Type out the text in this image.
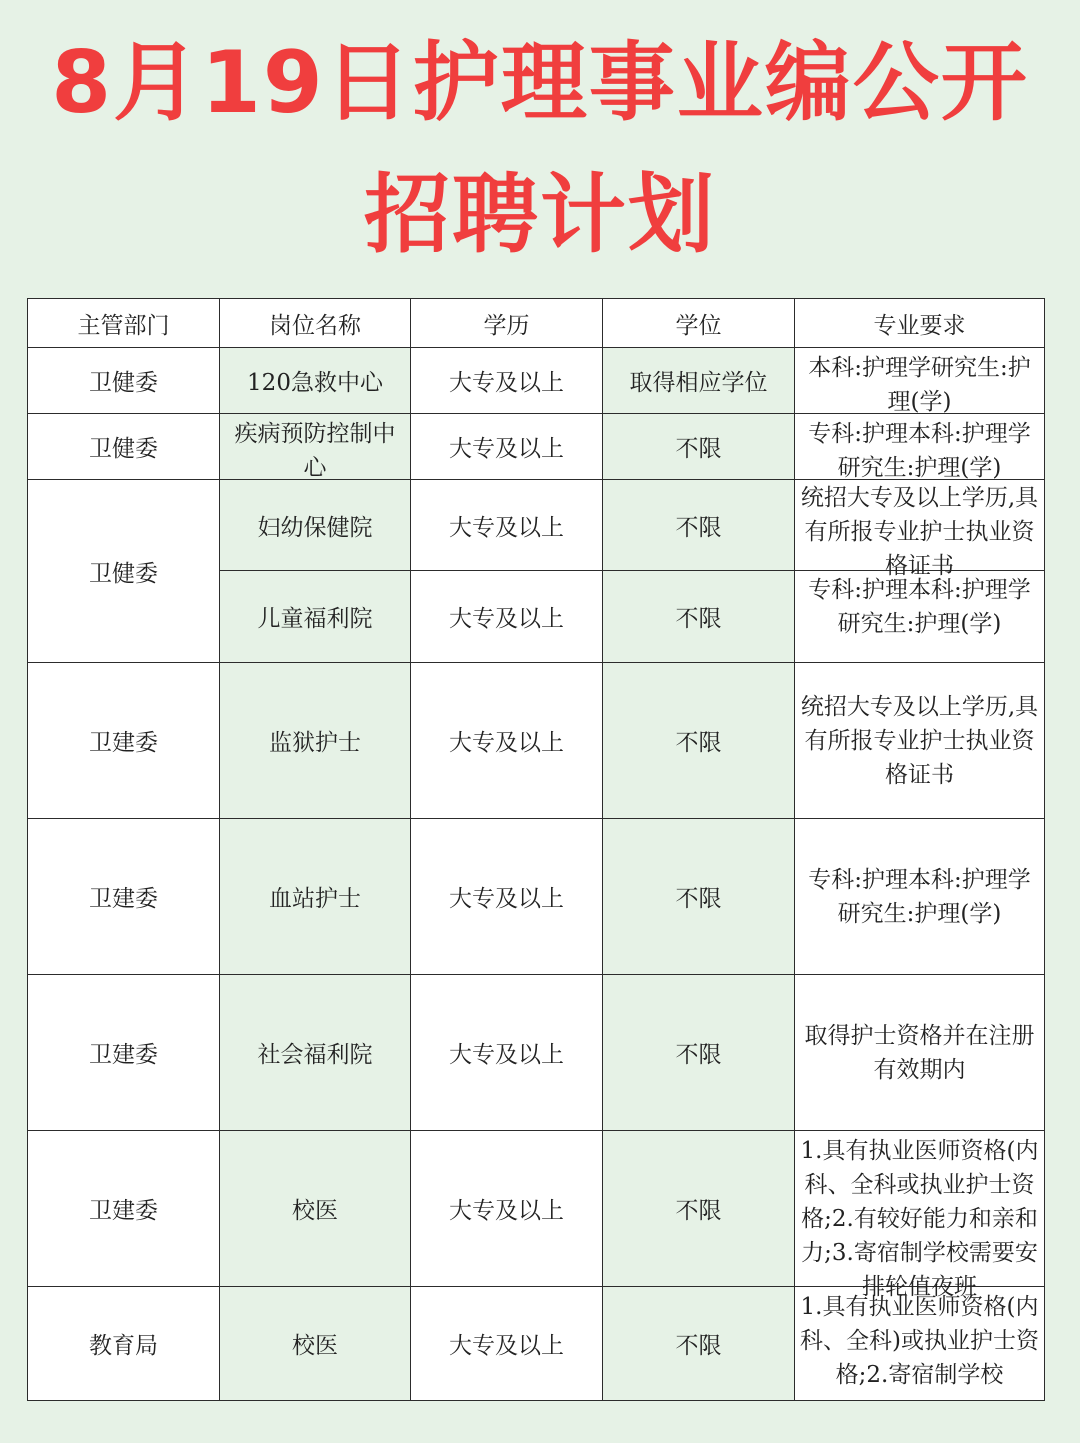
8月19日护理事业编公开
招聘计划
主管部门	岗位名称	学历	学位	专业要求
卫健委	120急救中心	大专及以上	取得相应学位	本科:护理学研究生:护理(学)

卫健委	疾病预防控制中心	大专及以上	不限	专科:护理本科:护理学研究生:护理(学)

卫健委	妇幼保健院	大专及以上	不限	统招大专及以上学历,具有所报专业护士执业资格证书

	儿童福利院	大专及以上	不限	专科:护理本科:护理学研究生:护理(学)

卫建委	监狱护士	大专及以上	不限	统招大专及以上学历,具有所报专业护士执业资格证书

卫建委	血站护士	大专及以上	不限	专科:护理本科:护理学研究生:护理(学)

卫建委	社会福利院	大专及以上	不限	取得护士资格并在注册有效期内

卫建委	校医	大专及以上	不限	1.具有执业医师资格(内科、全科或执业护士资格;2.有较好能力和亲和力;3.寄宿制学校需要安排轮值夜班

教育局	校医	大专及以上	不限	1.具有执业医师资格(内科、全科)或执业护士资格;2.寄宿制学校
